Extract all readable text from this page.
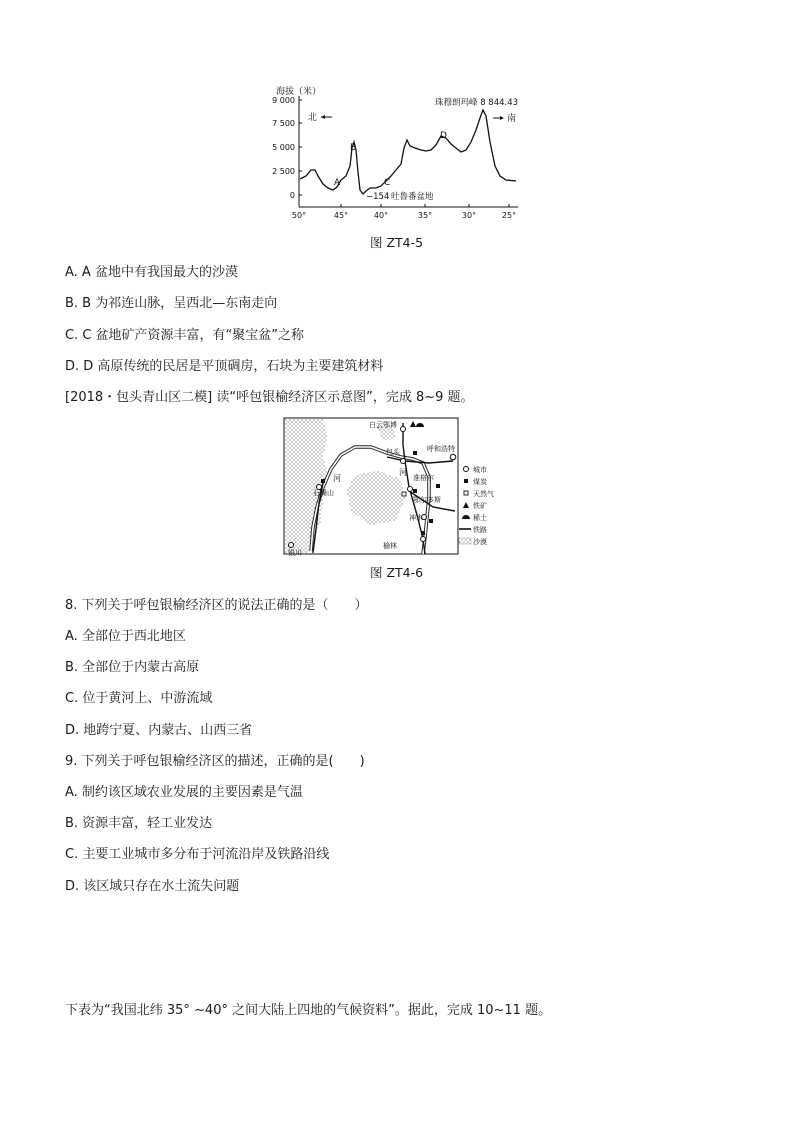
海拔（米）
9 000
7 500
5 000
2 500
0
50°	45°	40°	35°	30°	25°
A
B
C
D
北	南
珠穆朗玛峰 8 844.43
−154 吐鲁番盆地
图 ZT4-5
A. A 盆地中有我国最大的沙漠
B. B 为祁连山脉，呈西北—东南走向
C. C 盆地矿产资源丰富，有“聚宝盆”之称
D. D 高原传统的民居是平顶碉房，石块为主要建筑材料
[2018・包头青山区二模] 读“呼包银榆经济区示意图”，完成 8~9 题。
白云鄂博
呼和浩特
包头
准格尔
鄂尔多斯
石嘴山
神木
榆林
银川
河
河
城市
煤炭
天然气
铁矿
稀土
铁路
沙漠
图 ZT4-6
8. 下列关于呼包银榆经济区的说法正确的是（　　）
A. 全部位于西北地区
B. 全部位于内蒙古高原
C. 位于黄河上、中游流域
D. 地跨宁夏、内蒙古、山西三省
9. 下列关于呼包银榆经济区的描述，正确的是(　　)
A. 制约该区域农业发展的主要因素是气温
B. 资源丰富，轻工业发达
C. 主要工业城市多分布于河流沿岸及铁路沿线
D. 该区域只存在水土流失问题
下表为“我国北纬 35° ~40° 之间大陆上四地的气候资料”。据此，完成 10~11 题。
